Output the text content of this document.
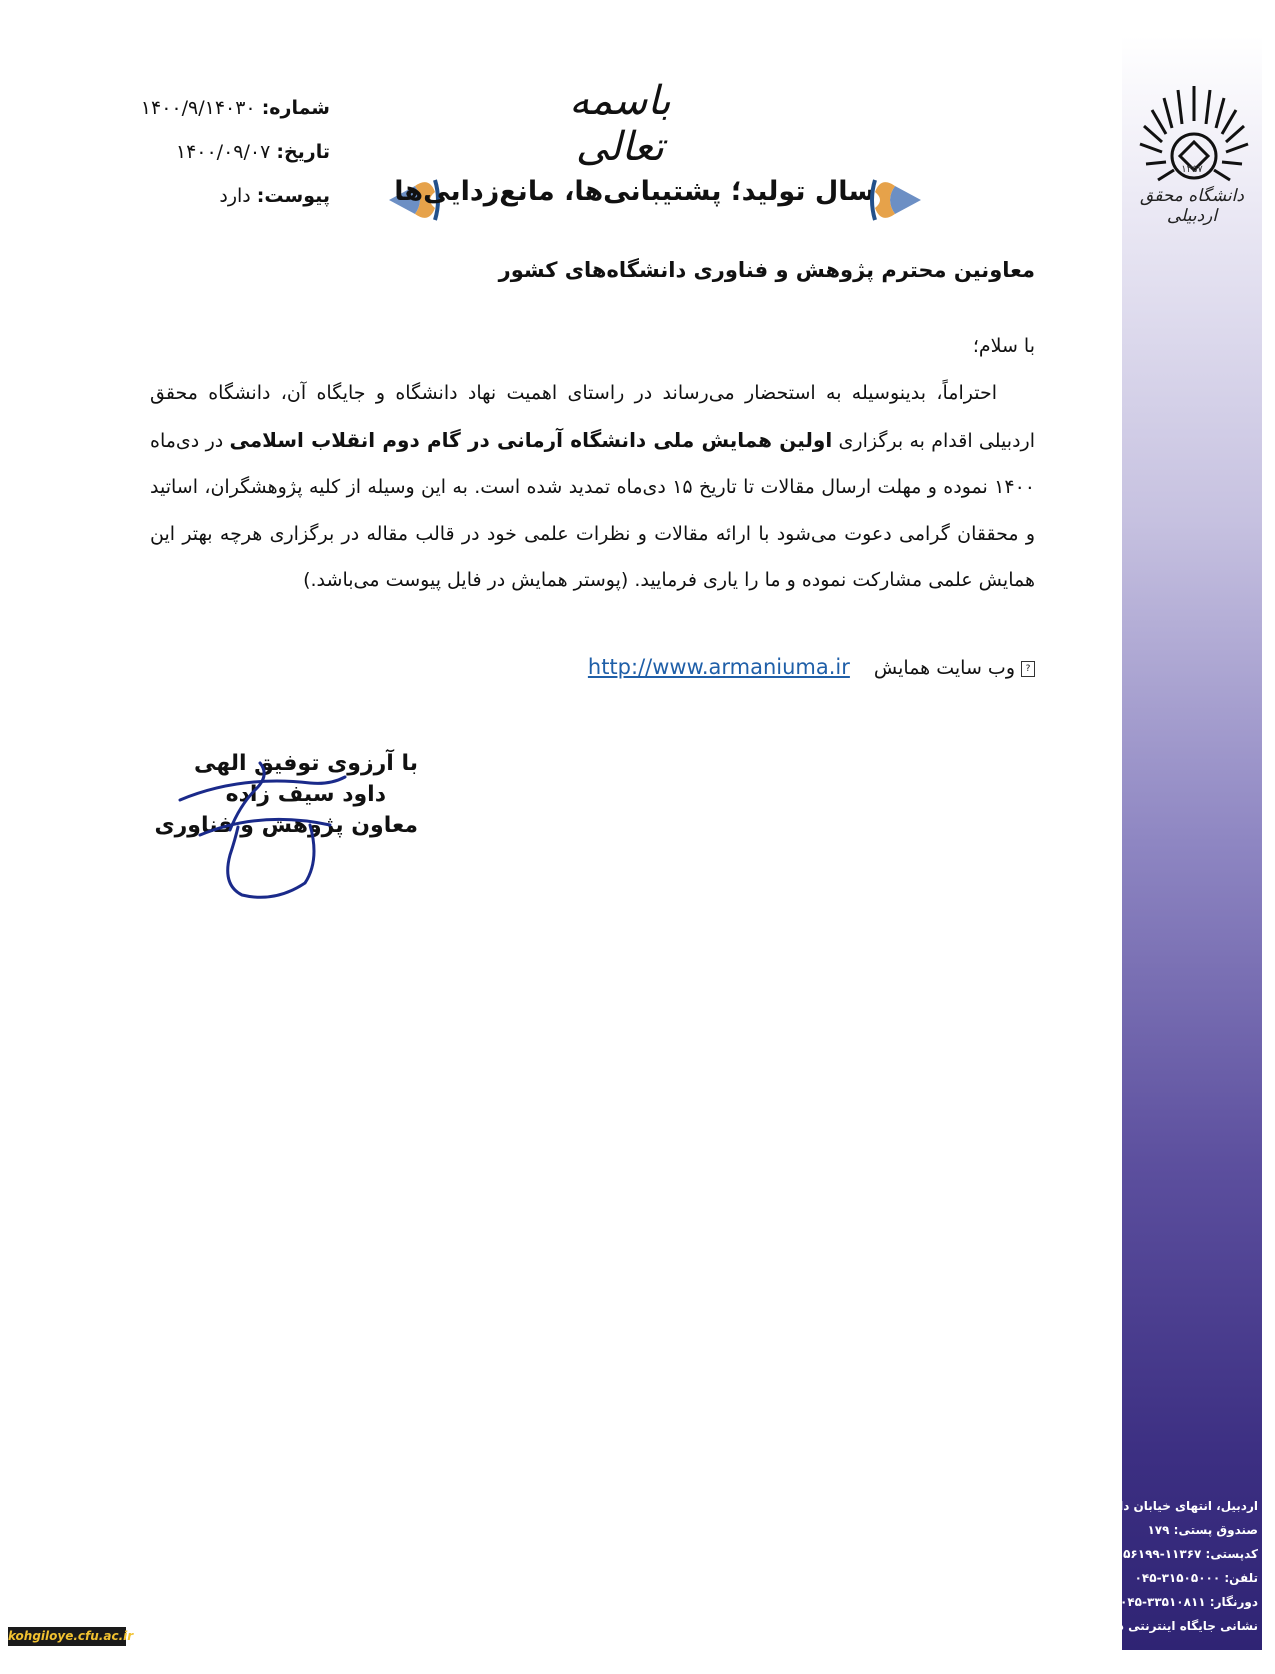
۱۳۵۷
دانشگاه محقق اردبیلی
اردبیل، انتهای خیابان دانشگاه
صندوق پستی: ۱۷۹
کدپستی: ۱۱۳۶۷-۵۶۱۹۹
تلفن: ۳۱۵۰۵۰۰۰-۰۴۵
دورنگار: ۳۳۵۱۰۸۱۱-۰۴۵
نشانی جایگاه اینترنتی دانشگاه
www.uma.ac.ir
شماره: ۱۴۰۰/۹/۱۴۰۳۰
تاریخ: ۱۴۰۰/۰۹/۰۷
پیوست: دارد
باسمه تعالی
سال تولید؛ پشتیبانی‌ها، مانع‌زدایی‌ها
معاونین محترم پژوهش و فناوری دانشگاه‌های کشور
با سلام؛
  احتراماً، بدینوسیله به استحضار می‌رساند در راستای اهمیت نهاد دانشگاه و جایگاه آن، دانشگاه محقق اردبیلی اقدام به برگزاری اولین همایش ملی دانشگاه آرمانی در گام دوم انقلاب اسلامی در دی‌ماه ۱۴۰۰ نموده و مهلت ارسال مقالات تا تاریخ ۱۵ دی‌ماه تمدید شده است. به این وسیله از کلیه پژوهشگران، اساتید و محققان گرامی دعوت می‌شود با ارائه مقالات و نظرات علمی خود در قالب مقاله در برگزاری هرچه بهتر این همایش علمی مشارکت نموده و ما را یاری فرمایید. (پوستر همایش در فایل پیوست می‌باشد.)
?وب سایت همایشhttp://www.armaniuma.ir
با آرزوی توفیق الهی
داود سیف زاده
معاون پژوهش و فناوری
kohgiloye.cfu.ac.ir
